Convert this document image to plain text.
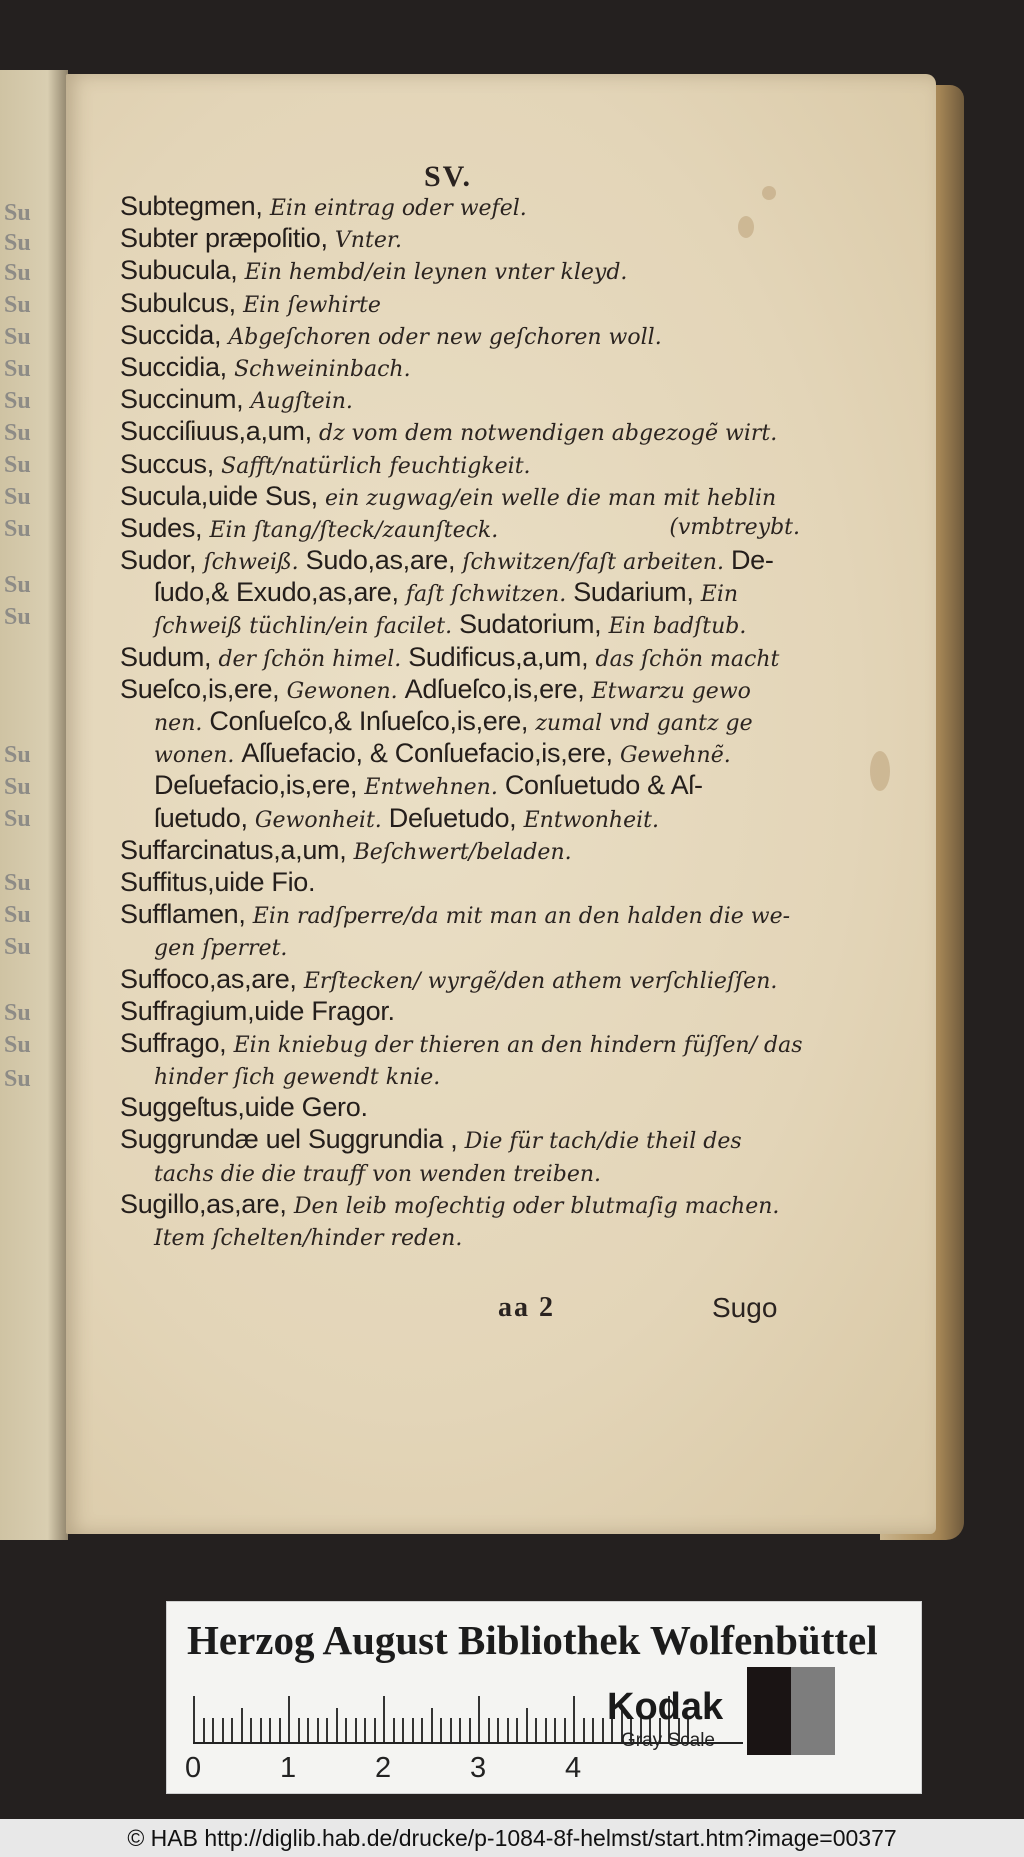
Su
Su
Su
Su
Su
Su
Su
Su
Su
Su
Su
Su
Su
Su
Su
Su
Su
Su
Su
Su
Su
Su
SV.
Subtegmen, Ein eintrag oder wefel.
Subter præpoſitio, Vnter.
Subucula, Ein hembd/ein leynen vnter kleyd.
Subulcus, Ein ſewhirte
Succida, Abgeſchoren oder new geſchoren woll.
Succidia, Schweininbach.
Succinum, Augſtein.
Succiſiuus,a,um, dz vom dem notwendigen abgezogẽ wirt.
Succus, Safft/natürlich feuchtigkeit.
Sucula,uide Sus, ein zugwag/ein welle die man mit heblin
Sudes, Ein ſtang/ſteck/zaunſteck.	(vmbtreybt.
Sudor, ſchweiß. Sudo,as,are, ſchwitzen/faſt arbeiten. De-
ſudo,& Exudo,as,are, faſt ſchwitzen. Sudarium, Ein
ſchweiß tüchlin/ein facilet. Sudatorium, Ein badſtub.
Sudum, der ſchön himel. Sudificus,a,um, das ſchön macht
Sueſco,is,ere, Gewonen. Adſueſco,is,ere, Etwarzu gewo
nen. Conſueſco,& Inſueſco,is,ere, zumal vnd gantz ge
wonen. Aſſuefacio, & Conſuefacio,is,ere, Gewehnẽ.
Deſuefacio,is,ere, Entwehnen. Conſuetudo & Aſ-
ſuetudo, Gewonheit. Deſuetudo, Entwonheit.
Suffarcinatus,a,um, Beſchwert/beladen.
Suffitus,uide Fio.
Sufflamen, Ein radſperre/da mit man an den halden die we-
gen ſperret.
Suffoco,as,are, Erſtecken/ wyrgẽ/den athem verſchlieſſen.
Suffragium,uide Fragor.
Suffrago, Ein kniebug der thieren an den hindern füſſen/ das
hinder ſich gewendt knie.
Suggeſtus,uide Gero.
Suggrundæ uel Suggrundia , Die für tach/die theil des
tachs die die trauff von wenden treiben.
Sugillo,as,are, Den leib moſechtig oder blutmaſig machen.
Item ſchelten/hinder reden.
aa 2	Sugo
Herzog August Bibliothek Wolfenbüttel
0	1	2	3	4
Kodak
Gray Scale
© HAB http://diglib.hab.de/drucke/p-1084-8f-helmst/start.htm?image=00377
